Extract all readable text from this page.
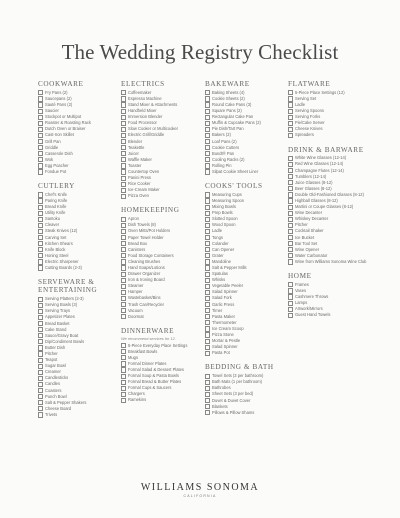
The Wedding Registry Checklist
COOKWARE
Fry Pans (2)
Saucepans (2)
Sauté Pans (2)
Saucier
Stockpot or Multipot
Roaster & Roasting Rack
Dutch Oven or Braiser
Cast-Iron Skillet
Grill Pan
Griddle
Casserole Dish
Wok
Egg Poacher
Fondue Pot
CUTLERY
Chef's Knife
Paring Knife
Bread Knife
Utility Knife
Santoku
Cleaver
Steak Knives (12)
Carving Set
Kitchen Shears
Knife Block
Honing Steel
Electric Sharpener
Cutting Boards (2-3)
SERVEWARE & ENTERTAINING
Serving Platters (2-3)
Serving Bowls (3)
Serving Trays
Appetizer Plates
Bread Basket
Cake Stand
Sauce/Gravy Boat
Dip/Condiment Bowls
Butter Dish
Pitcher
Teapot
Sugar Bowl
Creamer
Candlesticks
Candles
Coasters
Punch Bowl
Salt & Pepper Shakers
Cheese Board
Trivets
ELECTRICS
Coffeemaker
Espresso Machine
Stand Mixer & Attachments
Handheld Mixer
Immersion Blender
Food Processor
Slow Cooker or Multicooker
Electric Grill/Griddle
Blender
Teakettle
Juicer
Waffle Maker
Toaster
Countertop Oven
Panini Press
Rice Cooker
Ice-Cream Maker
Pizza Oven
HOMEKEEPING
Apron
Dish Towels (8)
Oven Mitts/Pot Holders
Paper Towel Holder
Bread Box
Canisters
Food Storage Containers
Cleaning Brushes
Hand Soaps/Lotions
Drawer Organizer
Iron & Ironing Board
Steamer
Hamper
Wastebasket/Bins
Trash Can/Recycler
Vacuum
Doormat
DINNERWARE
We recommend services for 12.
5-Piece Everyday Place Settings
Breakfast Bowls
Mugs
Formal Dinner Plates
Formal Salad & Dessert Plates
Formal Soup & Pasta Bowls
Formal Bread & Butter Plates
Formal Cups & Saucers
Chargers
Ramekins
BAKEWARE
Baking Sheets (4)
Cookie Sheets (2)
Round Cake Pans (3)
Square Pans (2)
Rectangular Cake Pan
Muffin & Cupcake Pans (2)
Pie Dish/Tart Pan
Bakers (2)
Loaf Pans (2)
Cookie Cutters
Bundt® Pan
Cooling Racks (2)
Rolling Pin
Silpat Cookie Sheet Liner
COOKS' TOOLS
Measuring Cups
Measuring Spoon
Mixing Bowls
Prep Bowls
Slotted Spoon
Wood Spoon
Ladle
Tongs
Colander
Can Opener
Grater
Mandoline
Salt & Pepper Mills
Spatulas
Whisks
Vegetable Peeler
Salad Spinner
Salad Fork
Garlic Press
Timer
Pasta Maker
Thermometer
Ice Cream Scoop
Pizza Stone
Mortar & Pestle
Salad Spinner
Pasta Pot
BEDDING & BATH
Towel Sets (3 per bathroom)
Bath Mats (1 per bathroom)
Bathrobes
Sheet Sets (3 per bed)
Duvet & Duvet Cover
Blankets
Pillows & Pillow Shams
FLATWARE
5-Piece Place Settings (12)
Serving Set
Ladle
Serving Spoons
Serving Forks
Pie/Cake Server
Cheese Knives
Spreaders
DRINK & BARWARE
White Wine Glasses (12-14)
Red Wine Glasses (12-14)
Champagne Flutes (12-14)
Tumblers (12-14)
Juice Glasses (8-12)
Beer Glasses (8-12)
Double Old-Fashioned Glasses (8-12)
Highball Glasses (8-12)
Martini or Coupe Glasses (8-12)
Wine Decanter
Whiskey Decanter
Pitcher
Cocktail Shaker
Ice Bucket
Bar Tool Set
Wine Opener
Water Carbonator
Wine from Williams Sonoma Wine Club
HOME
Frames
Vases
Cashmere Throws
Lamps
Artwork/Mirrors
Guest Hand Towels
WILLIAMS SONOMA
CALIFORNIA
